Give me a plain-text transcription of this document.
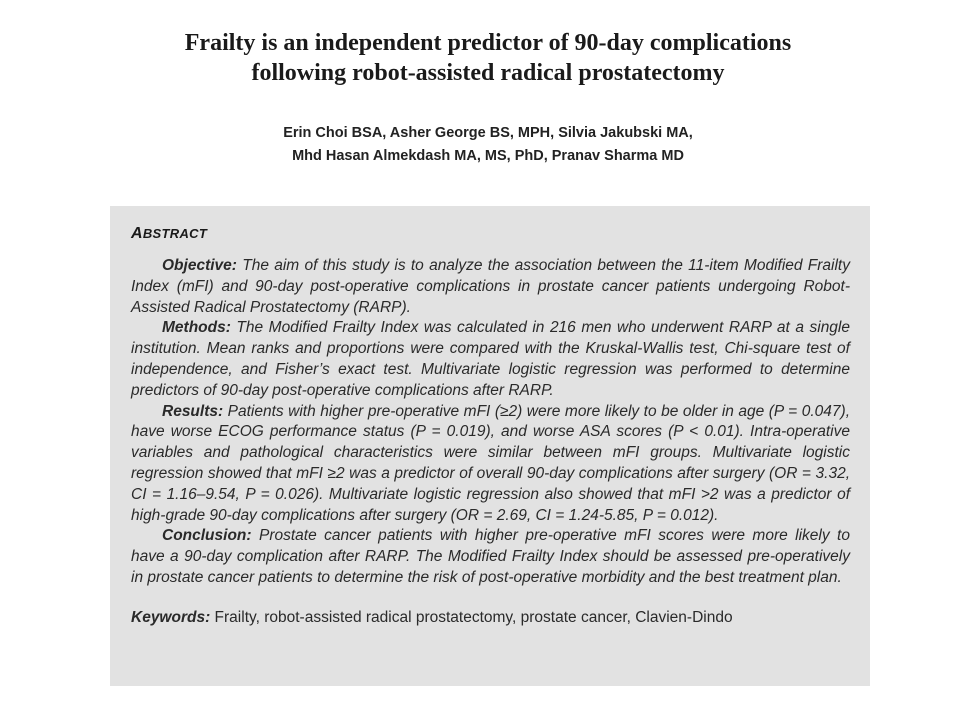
Frailty is an independent predictor of 90-day complications
following robot-assisted radical prostatectomy
Erin Choi BSA, Asher George BS, MPH, Silvia Jakubski MA,
Mhd Hasan Almekdash MA, MS, PhD, Pranav Sharma MD
ABSTRACT

Objective: The aim of this study is to analyze the association between the 11-item Modified Frailty Index (mFI) and 90-day post-operative complications in prostate cancer patients undergoing Robot-Assisted Radical Prostatectomy (RARP).

Methods: The Modified Frailty Index was calculated in 216 men who underwent RARP at a single institution. Mean ranks and proportions were compared with the Kruskal-Wallis test, Chi-square test of independence, and Fisher’s exact test. Multivariate logistic regression was performed to determine predictors of 90-day post-operative complications after RARP.

Results: Patients with higher pre-operative mFI (≥2) were more likely to be older in age (P = 0.047), have worse ECOG performance status (P = 0.019), and worse ASA scores (P < 0.01). Intra-operative variables and pathological characteristics were similar between mFI groups. Multivariate logistic regression showed that mFI ≥2 was a predictor of overall 90-day complications after surgery (OR = 3.32, CI = 1.16–9.54, P = 0.026). Multivariate logistic regression also showed that mFI >2 was a predictor of high-grade 90-day complications after surgery (OR = 2.69, CI = 1.24-5.85, P = 0.012).

Conclusion: Prostate cancer patients with higher pre-operative mFI scores were more likely to have a 90-day complication after RARP. The Modified Frailty Index should be assessed pre-operatively in prostate cancer patients to determine the risk of post-operative morbidity and the best treatment plan.

Keywords: Frailty, robot-assisted radical prostatectomy, prostate cancer, Clavien-Dindo
